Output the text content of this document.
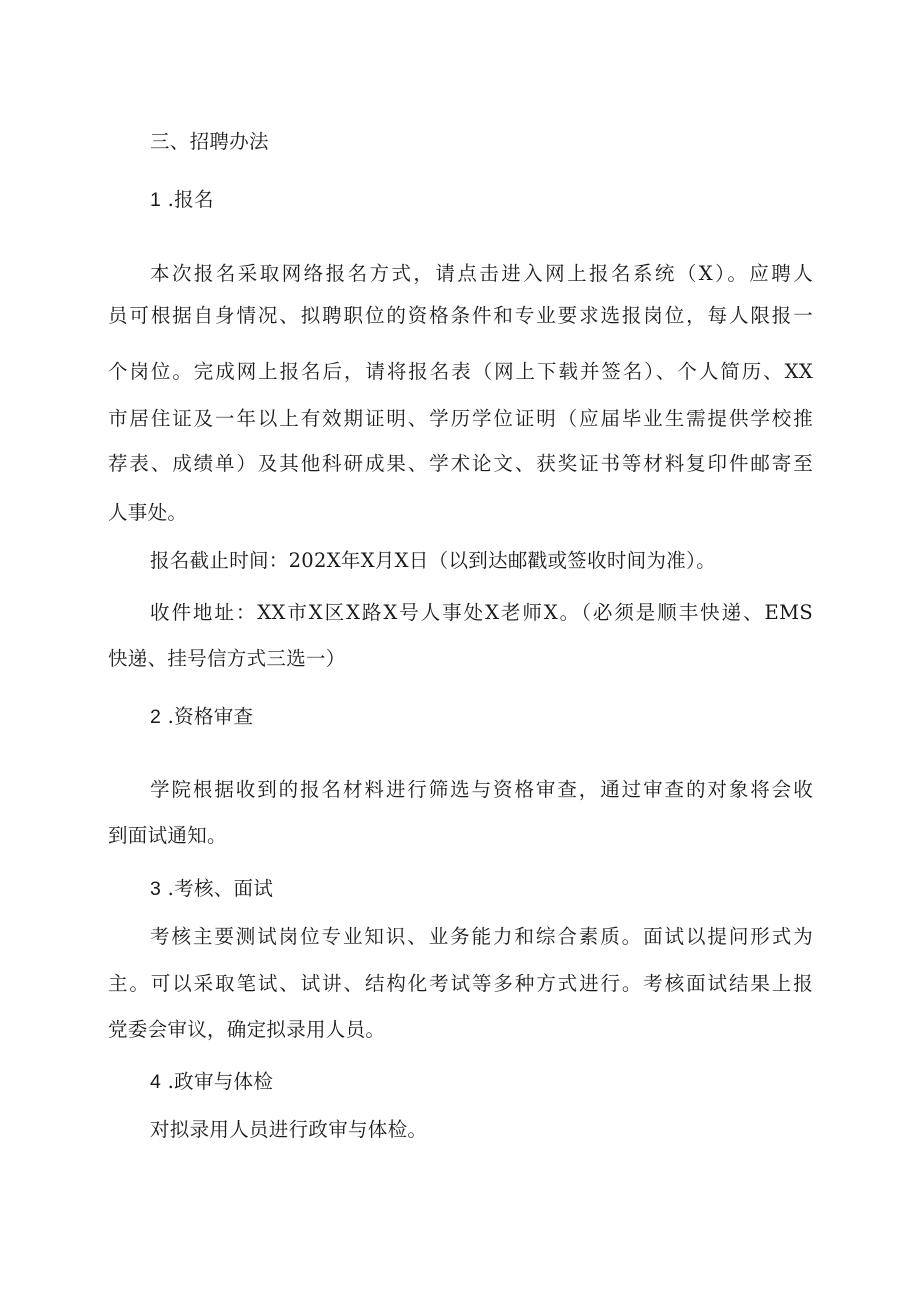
三、招聘办法
1 .报名
本次报名采取网络报名方式，请点击进入网上报名系统（X）。应聘人
员可根据自身情况、拟聘职位的资格条件和专业要求选报岗位，每人限报一
个岗位。完成网上报名后，请将报名表（网上下载并签名）、个人简历、XX
市居住证及一年以上有效期证明、学历学位证明（应届毕业生需提供学校推
荐表、成绩单）及其他科研成果、学术论文、获奖证书等材料复印件邮寄至
人事处。
报名截止时间：202X年X月X日（以到达邮戳或签收时间为准）。
收件地址：XX市X区X路X号人事处X老师X。（必须是顺丰快递、EMS
快递、挂号信方式三选一）
2 .资格审查
学院根据收到的报名材料进行筛选与资格审查，通过审查的对象将会收
到面试通知。
3 .考核、面试
考核主要测试岗位专业知识、业务能力和综合素质。面试以提问形式为
主。可以采取笔试、试讲、结构化考试等多种方式进行。考核面试结果上报
党委会审议，确定拟录用人员。
4 .政审与体检
对拟录用人员进行政审与体检。
